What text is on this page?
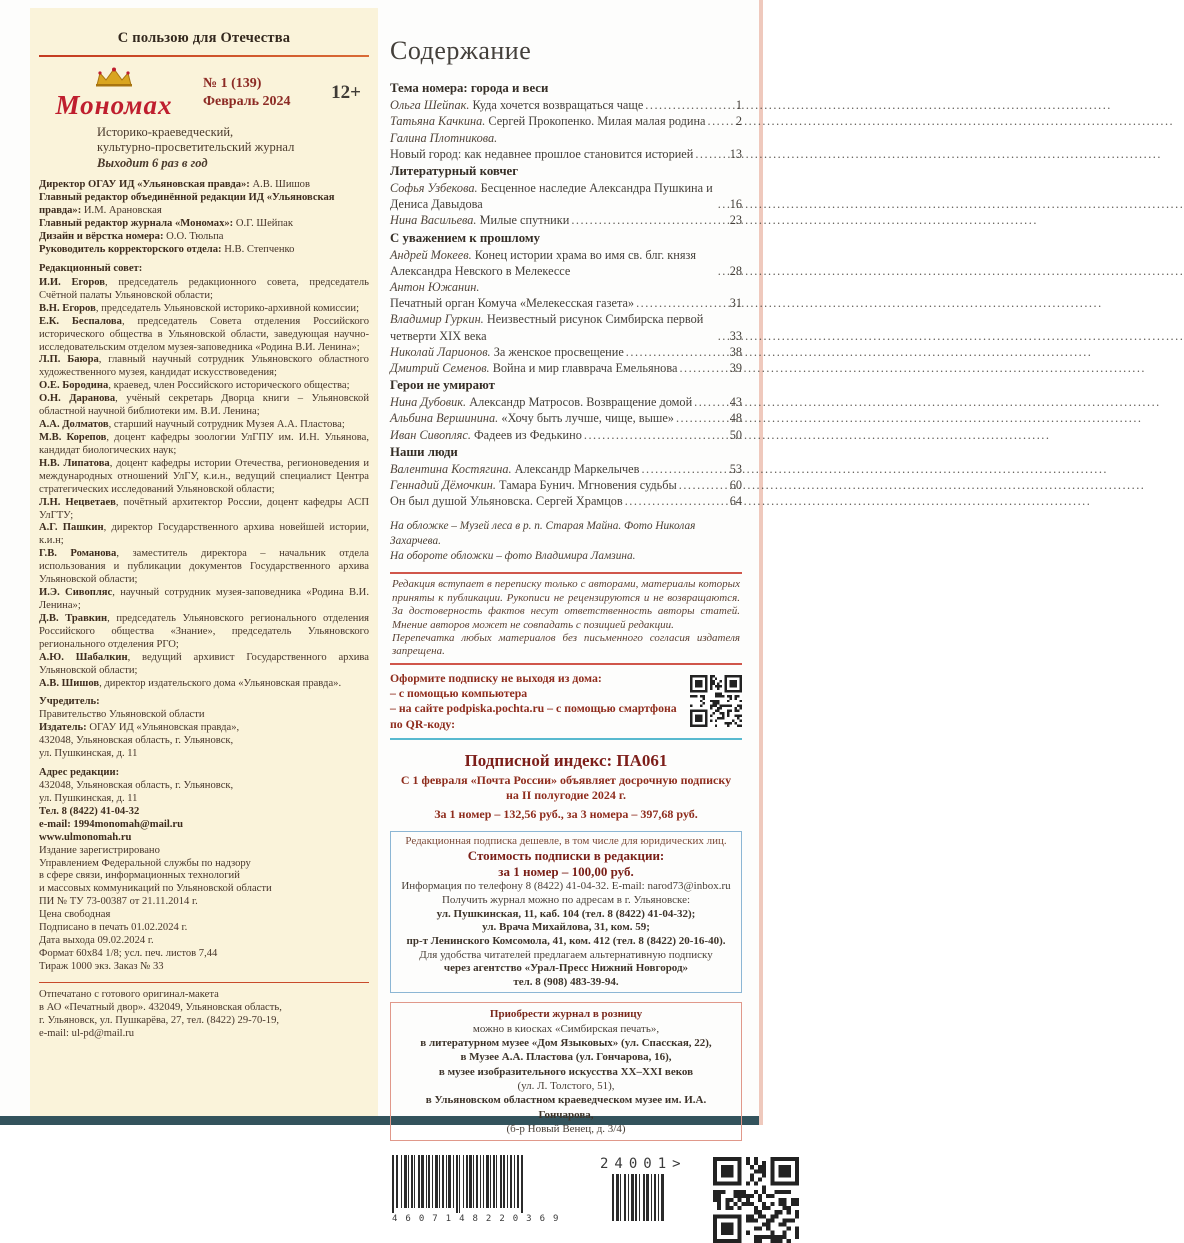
С пользою для Отечества
Мономах
№ 1 (139)
Февраль 2024 12+
Историко-краеведческий,
культурно-просветительский журнал
Выходит 6 раз в год

Директор ОГАУ ИД «Ульяновская правда»: А.В. Шишов

Главный редактор объединённой редакции ИД «Ульяновская правда»: И.М. Арановская

Главный редактор журнала «Мономах»: О.Г. Шейпак

Дизайн и вёрстка номера: О.О. Тюльпа

Руководитель корректорского отдела: Н.В. Степченко

Редакционный совет:

И.И. Егоров, председатель редакционного совета, председатель Счётной палаты Ульяновской области;

В.Н. Егоров, председатель Ульяновской историко-архивной комиссии;

Е.К. Беспалова, председатель Совета отделения Российского исторического общества в Ульяновской области, заведующая научно-исследовательским отделом музея-заповедника «Родина В.И. Ленина»;

Л.П. Баюра, главный научный сотрудник Ульяновского областного художественного музея, кандидат искусствоведения;

О.Е. Бородина, краевед, член Российского исторического общества;

О.Н. Даранова, учёный секретарь Дворца книги – Ульяновской областной научной библиотеки им. В.И. Ленина;

А.А. Долматов, старший научный сотрудник Музея А.А. Пластова;

М.В. Корепов, доцент кафедры зоологии УлГПУ им. И.Н. Ульянова, кандидат биологических наук;

Н.В. Липатова, доцент кафедры истории Отечества, регионоведения и международных отношений УлГУ, к.и.н., ведущий специалист Центра стратегических исследований Ульяновской области;

Л.Н. Нецветаев, почётный архитектор России, доцент кафедры АСП УлГТУ;

А.Г. Пашкин, директор Государственного архива новейшей истории, к.и.н;

Г.В. Романова, заместитель директора – начальник отдела использования и публикации документов Государственного архива Ульяновской области;

И.Э. Сивопляс, научный сотрудник музея-заповедника «Родина В.И. Ленина»;

Д.В. Травкин, председатель Ульяновского регионального отделения Российского общества «Знание», председатель Ульяновского регионального отделения РГО;

А.Ю. Шабалкин, ведущий архивист Государственного архива Ульяновской области;

А.В. Шишов, директор издательского дома «Ульяновская правда».

Учредитель:
Правительство Ульяновской области
Издатель: ОГАУ ИД «Ульяновская правда»,

432048, Ульяновская область, г. Ульяновск,
ул. Пушкинская, д. 11

Адрес редакции:

432048, Ульяновская область, г. Ульяновск,
ул. Пушкинская, д. 11
Тел. 8 (8422) 41-04-32
e-mail: 1994monomah@mail.ru
www.ulmonomah.ru
Издание зарегистрировано
Управлением Федеральной службы по надзору
в сфере связи, информационных технологий
и массовых коммуникаций по Ульяновской области
ПИ № ТУ 73-00387 от 21.11.2014 г.
Цена свободная
Подписано в печать 01.02.2024 г.
Дата выхода 09.02.2024 г.
Формат 60х84 1/8; усл. печ. листов 7,44
Тираж 1000 экз. Заказ № 33
Отпечатано с готового оригинал-макета
в АО «Печатный двор». 432049, Ульяновская область,
г. Ульяновск, ул. Пушкарёва, 27, тел. (8422) 29-70-19,
e-mail: ul-pd@mail.ru
Содержание
Тема номера: города и веси
Ольга Шейпак. Куда хочется возвращаться чаще .....	1
Татьяна Качкина. Сергей Прокопенко. Милая малая родина ..... 2
Галина Плотникова.
Новый город: как недавнее прошлое становится историей .....	13
Литературный ковчег
Софья Узбекова. Бесценное наследие Александра Пушкина и Дениса Давыдова .....	16
Нина Васильева. Милые спутники .....	23
С уважением к прошлому
Андрей Мокеев. Конец истории храма во имя св. блг. князя Александра Невского в Мелекессе .....	28
Антон Южанин.
Печатный орган Комуча «Мелекесская газета» .....	31
Владимир Гуркин. Неизвестный рисунок Симбирска первой четверти XIX века .....	33
Николай Ларионов. За женское просвещение .....	38
Дмитрий Семенов. Война и мир главврача Емельянова .....	39
Герои не умирают
Нина Дубовик. Александр Матросов. Возвращение домой .....	43
Альбина Вершинина. «Хочу быть лучше, чище, выше» .....	48
Иван Сивопляс. Фадеев из Федькино .....	50
Наши люди
Валентина Костягина. Александр Маркелычев .....	53
Геннадий Дёмочкин. Тамара Бунич. Мгновения судьбы .....	60
Он был душой Ульяновска. Сергей Храмцов .....	64
На обложке – Музей леса в р. п. Старая Майна. Фото Николая Захарчева.
На обороте обложки – фото Владимира Ламзина.
Редакция вступает в переписку только с авторами, материалы которых приняты к публикации. Рукописи не рецензируются и не возвращаются. За достоверность фактов несут ответственность авторы статей. Мнение авторов может не совпадать с позицией редакции.
Перепечатка любых материалов без письменного согласия издателя запрещена.
Оформите подписку не выходя из дома:
– с помощью компьютера
– на сайте podpiska.pochta.ru – с помощью смартфона по QR-коду:
Подписной индекс: ПА061
С 1 февраля «Почта России» объявляет досрочную подписку
на II полугодие 2024 г.
За 1 номер – 132,56 руб., за 3 номера – 397,68 руб.
Редакционная подписка дешевле, в том числе для юридических лиц.
Стоимость подписки в редакции:
за 1 номер – 100,00 руб.
Информация по телефону 8 (8422) 41-04-32. E-mail: narod73@inbox.ru
Получить журнал можно по адресам в г. Ульяновске:
ул. Пушкинская, 11, каб. 104 (тел. 8 (8422) 41-04-32);
ул. Врача Михайлова, 31, ком. 59;
пр-т Ленинского Комсомола, 41, ком. 412 (тел. 8 (8422) 20-16-40).
Для удобства читателей предлагаем альтернативную подписку
через агентство «Урал-Пресс Нижний Новгород»
тел. 8 (908) 483-39-94.
Приобрести журнал в розницу
можно в киосках «Симбирская печать»,
в литературном музее «Дом Языковых» (ул. Спасская, 22),
в Музее А.А. Пластова (ул. Гончарова, 16),
в музее изобразительного искусства XX–XXI веков
(ул. Л. Толстого, 51),
в Ульяновском областном краеведческом музее им. И.А. Гончарова,
(б-р Новый Венец, д. 3/4)
4607148220369
24001>
